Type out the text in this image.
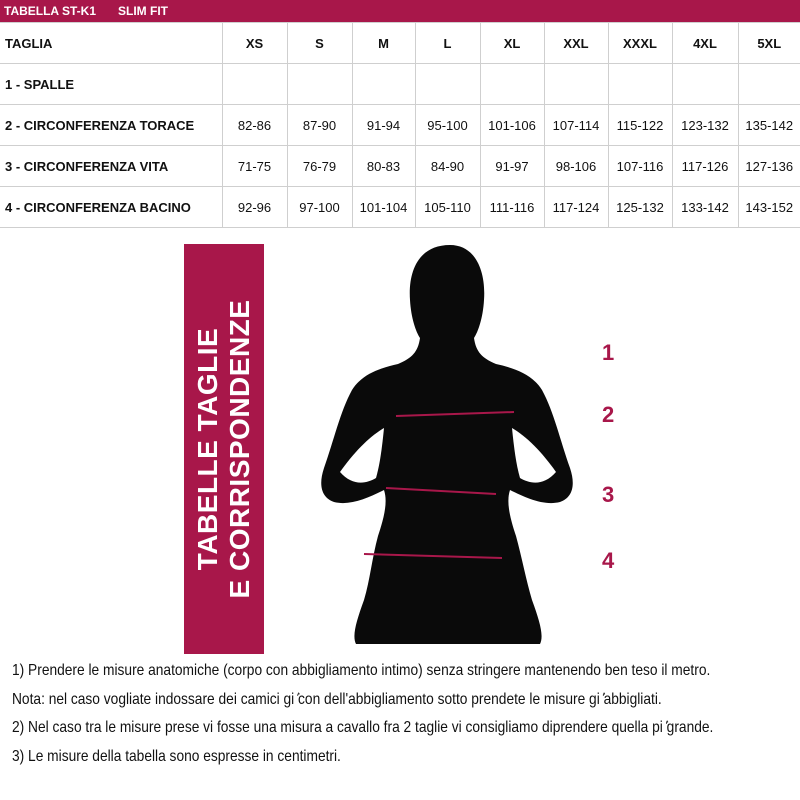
TABELLA ST-K1 SLIM FIT
TAGLIA	XS	S	M	L	XL	XXL	XXXL	4XL	5XL
1 - SPALLE									
2 - CIRCONFERENZA TORACE	82-86	87-90	91-94	95-100	101-106	107-114	115-122	123-132	135-142
3 - CIRCONFERENZA VITA	71-75	76-79	80-83	84-90	91-97	98-106	107-116	117-126	127-136
4 - CIRCONFERENZA BACINO	92-96	97-100	101-104	105-110	111-116	117-124	125-132	133-142	143-152
TABELLE TAGLIE E CORRISPONDENZE	1
2
3
4

1) Prendere le misure anatomiche (corpo con abbigliamento intimo) senza stringere mantenendo ben teso il metro.

Nota: nel caso vogliate indossare dei camici giۢ con dell'abbigliamento sotto prendete le misure giۢ abbigliati.

2) Nel caso tra le misure prese vi fosse una misura a cavallo fra 2 taglie vi consigliamo diprendere quella piۢ grande.

3) Le misure della tabella sono espresse in centimetri.
